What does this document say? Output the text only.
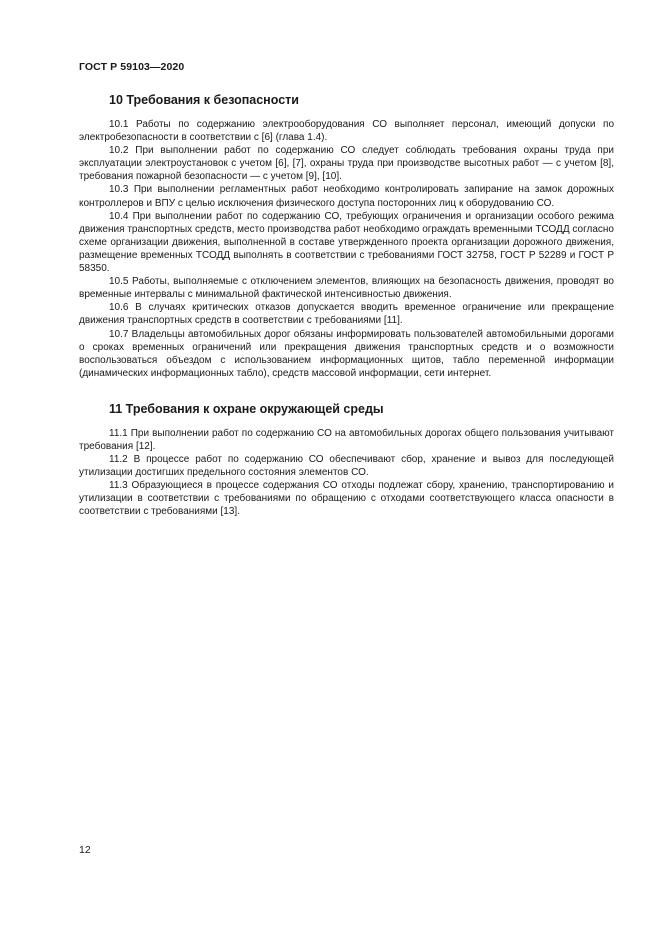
ГОСТ Р 59103—2020
10 Требования к безопасности

10.1 Работы по содержанию электрооборудования СО выполняет персонал, имеющий допуски по электробезопасности в соответствии с [6] (глава 1.4).

10.2 При выполнении работ по содержанию СО следует соблюдать требования охраны труда при эксплуатации электроустановок с учетом [6], [7], охраны труда при производстве высотных работ — с учетом [8], требования пожарной безопасности — с учетом [9], [10].

10.3 При выполнении регламентных работ необходимо контролировать запирание на замок дорожных контроллеров и ВПУ с целью исключения физического доступа посторонних лиц к оборудованию СО.

10.4 При выполнении работ по содержанию СО, требующих ограничения и организации особого режима движения транспортных средств, место производства работ необходимо ограждать временными ТСОДД согласно схеме организации движения, выполненной в составе утвержденного проекта организации дорожного движения, размещение временных ТСОДД выполнять в соответствии с требованиями ГОСТ 32758, ГОСТ Р 52289 и ГОСТ Р 58350.

10.5 Работы, выполняемые с отключением элементов, влияющих на безопасность движения, проводят во временные интервалы с минимальной фактической интенсивностью движения.

10.6 В случаях критических отказов допускается вводить временное ограничение или прекращение движения транспортных средств в соответствии с требованиями [11].

10.7 Владельцы автомобильных дорог обязаны информировать пользователей автомобильными дорогами о сроках временных ограничений или прекращения движения транспортных средств и о возможности воспользоваться объездом с использованием информационных щитов, табло переменной информации (динамических информационных табло), средств массовой информации, сети интернет.

11 Требования к охране окружающей среды

11.1 При выполнении работ по содержанию СО на автомобильных дорогах общего пользования учитывают требования [12].

11.2 В процессе работ по содержанию СО обеспечивают сбор, хранение и вывоз для последующей утилизации достигших предельного состояния элементов СО.

11.3 Образующиеся в процессе содержания СО отходы подлежат сбору, хранению, транспортированию и утилизации в соответствии с требованиями по обращению с отходами соответствующего класса опасности в соответствии с требованиями [13].

12
